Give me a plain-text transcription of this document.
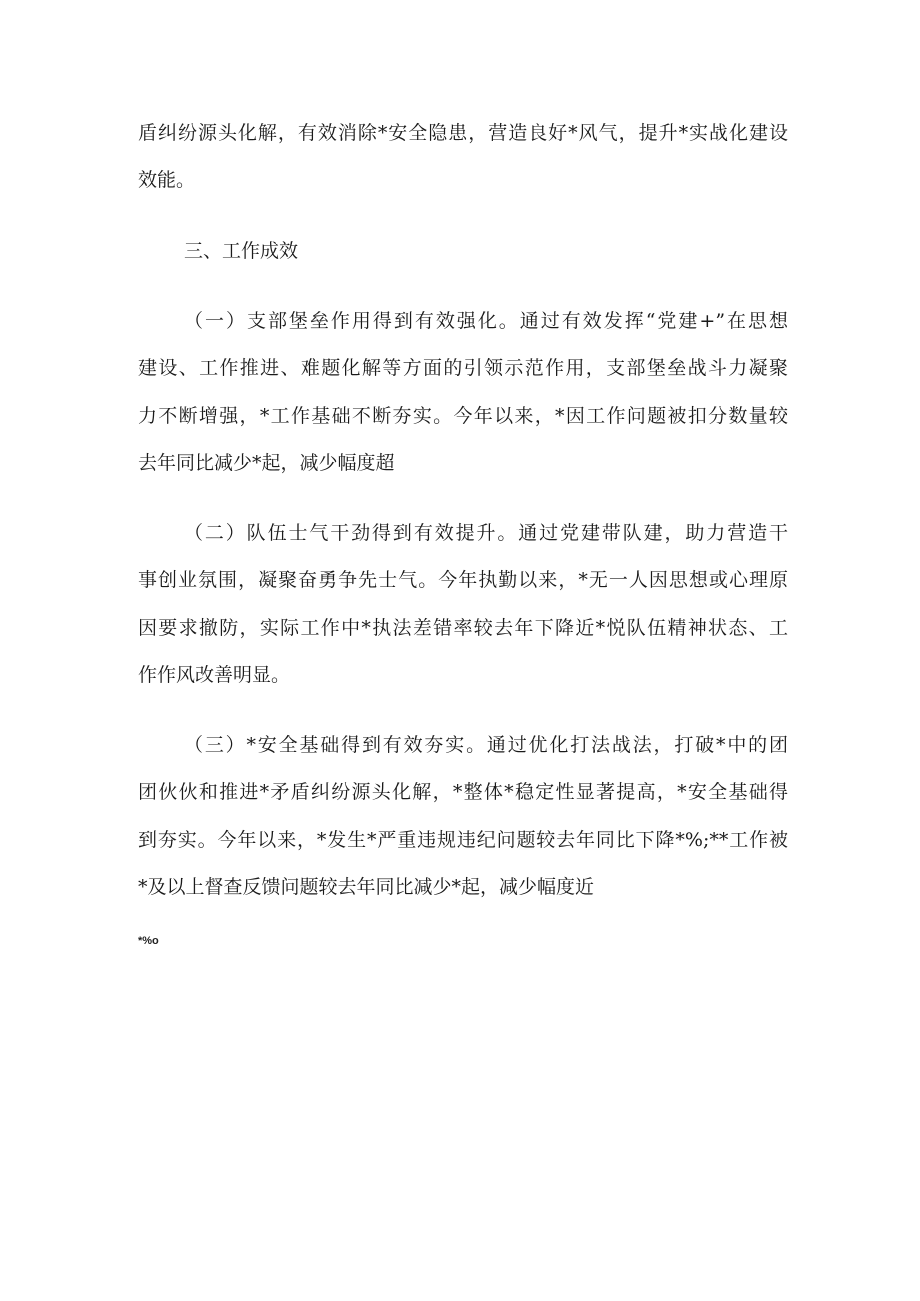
盾纠纷源头化解，有效消除*安全隐患，营造良好*风气，提升*实战化建设
效能。
三、工作成效
（一）支部堡垒作用得到有效强化。通过有效发挥“党建+”在思想
建设、工作推进、难题化解等方面的引领示范作用，支部堡垒战斗力凝聚
力不断增强，*工作基础不断夯实。今年以来，*因工作问题被扣分数量较
去年同比减少*起，减少幅度超
（二）队伍士气干劲得到有效提升。通过党建带队建，助力营造干
事创业氛围，凝聚奋勇争先士气。今年执勤以来，*无一人因思想或心理原
因要求撤防，实际工作中*执法差错率较去年下降近*悦队伍精神状态、工
作作风改善明显。
（三）*安全基础得到有效夯实。通过优化打法战法，打破*中的团
团伙伙和推进*矛盾纠纷源头化解，*整体*稳定性显著提高，*安全基础得
到夯实。今年以来，*发生*严重违规违纪问题较去年同比下降*%;**工作被
*及以上督查反馈问题较去年同比减少*起，减少幅度近
*%o
